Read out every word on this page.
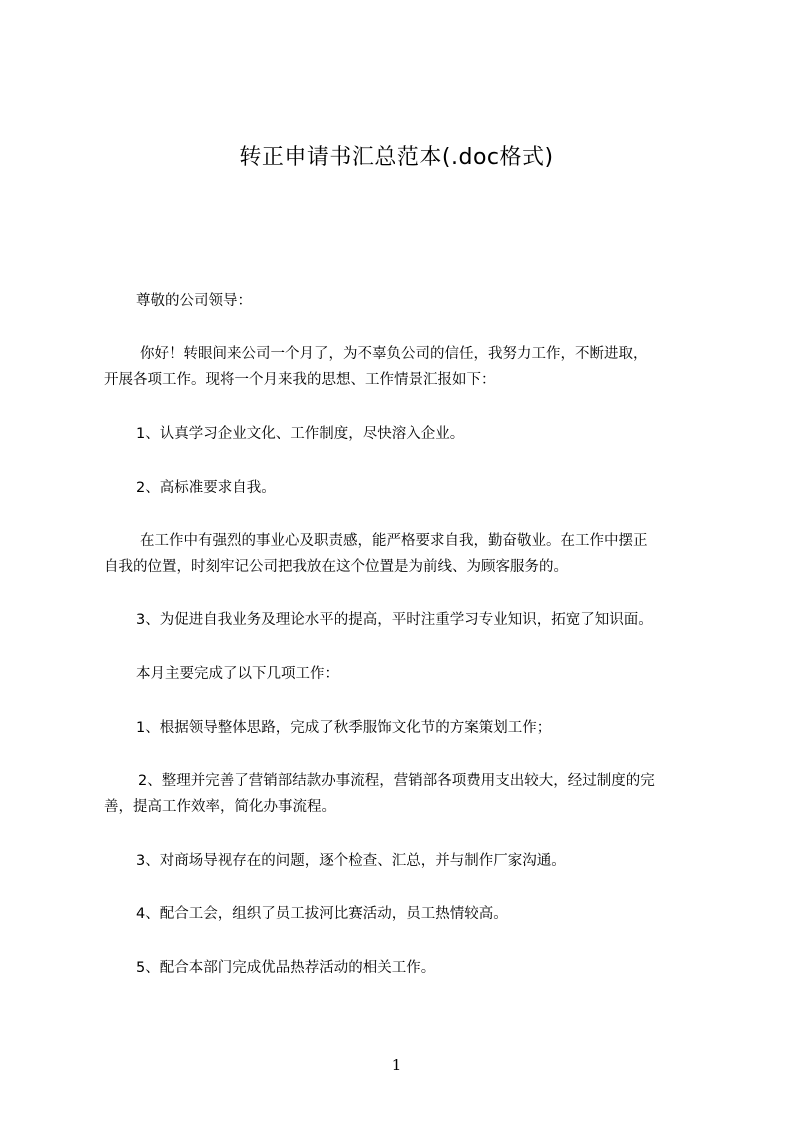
转正申请书汇总范本(.doc格式)
尊敬的公司领导：
你好！转眼间来公司一个月了，为不辜负公司的信任，我努力工作，不断进取，
开展各项工作。现将一个月来我的思想、工作情景汇报如下：
1、认真学习企业文化、工作制度，尽快溶入企业。
2、高标准要求自我。
在工作中有强烈的事业心及职责感，能严格要求自我，勤奋敬业。在工作中摆正
自我的位置，时刻牢记公司把我放在这个位置是为前线、为顾客服务的。
3、为促进自我业务及理论水平的提高，平时注重学习专业知识，拓宽了知识面。
本月主要完成了以下几项工作：
1、根据领导整体思路，完成了秋季服饰文化节的方案策划工作；
2、整理并完善了营销部结款办事流程，营销部各项费用支出较大，经过制度的完
善，提高工作效率，简化办事流程。
3、对商场导视存在的问题，逐个检查、汇总，并与制作厂家沟通。
4、配合工会，组织了员工拔河比赛活动，员工热情较高。
5、配合本部门完成优品热荐活动的相关工作。
1
